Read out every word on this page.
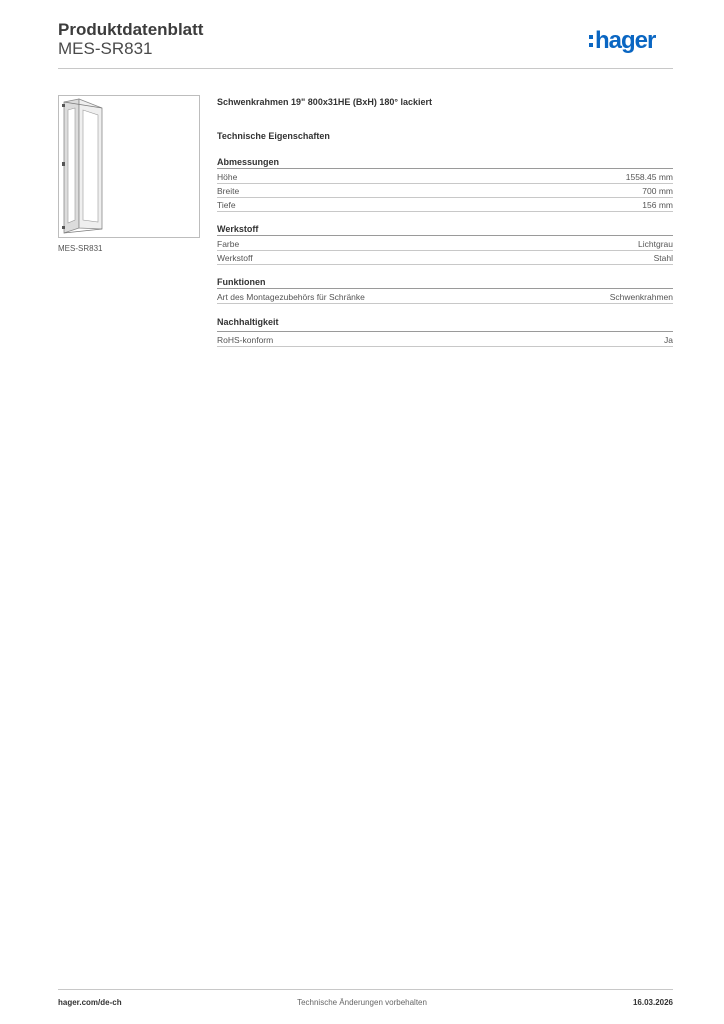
Produktdatenblatt
MES-SR831	hager
MES-SR831
Schwenkrahmen 19" 800x31HE (BxH) 180° lackiert
Technische Eigenschaften
Abmessungen
Höhe	1558.45 mm
Breite	700 mm
Tiefe	156 mm
Werkstoff
Farbe	Lichtgrau
Werkstoff	Stahl
Funktionen
Art des Montagezubehörs für Schränke	Schwenkrahmen
Nachhaltigkeit
RoHS-konform	Ja
Technische Änderungen vorbehalten
hager.com/de-ch	16.03.2026
